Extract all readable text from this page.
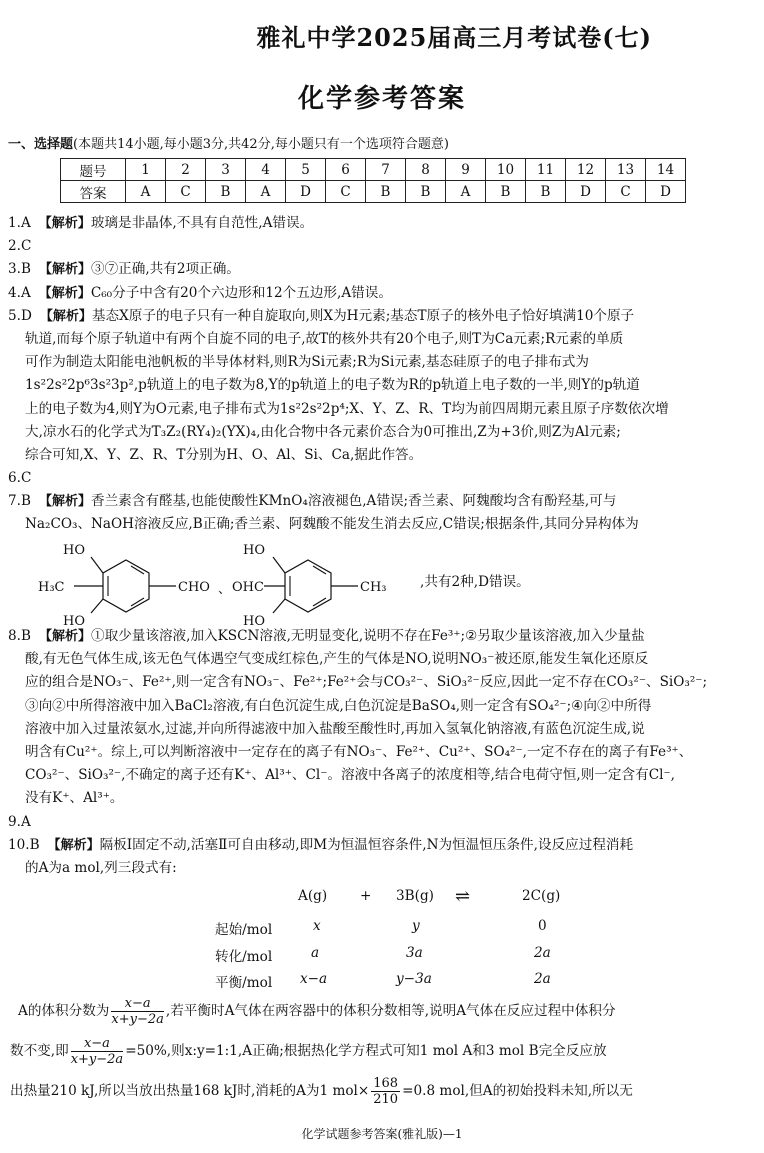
雅礼中学2025届高三月考试卷(七)
化学参考答案
一、选择题(本题共14小题,每小题3分,共42分,每小题只有一个选项符合题意)
题号	1	2	3	4	5	6	7	8	9	10	11	12	13	14
答案	A	C	B	A	D	C	B	B	A	B	B	D	C	D
1.A 【解析】玻璃是非晶体,不具有自范性,A错误。
2.C
3.B 【解析】③⑦正确,共有2项正确。
4.A 【解析】C₆₀分子中含有20个六边形和12个五边形,A错误。
5.D 【解析】基态X原子的电子只有一种自旋取向,则X为H元素;基态T原子的核外电子恰好填满10个原子
轨道,而每个原子轨道中有两个自旋不同的电子,故T的核外共有20个电子,则T为Ca元素;R元素的单质
可作为制造太阳能电池帆板的半导体材料,则R为Si元素;R为Si元素,基态硅原子的电子排布式为
1s²2s²2p⁶3s²3p²,p轨道上的电子数为8,Y的p轨道上的电子数为R的p轨道上电子数的一半,则Y的p轨道
上的电子数为4,则Y为O元素,电子排布式为1s²2s²2p⁴;X、Y、Z、R、T均为前四周期元素且原子序数依次增
大,凉水石的化学式为T₃Z₂(RY₄)₂(YX)₄,由化合物中各元素价态合为0可推出,Z为+3价,则Z为Al元素;
综合可知,X、Y、Z、R、T分别为H、O、Al、Si、Ca,据此作答。
6.C
7.B 【解析】香兰素含有醛基,也能使酸性KMnO₄溶液褪色,A错误;香兰素、阿魏酸均含有酚羟基,可与
Na₂CO₃、NaOH溶液反应,B正确;香兰素、阿魏酸不能发生消去反应,C错误;根据条件,其同分异构体为
HO
H₃C	CHO
HO
、
HO
OHC	CH₃
HO
,共有2种,D错误。
8.B 【解析】①取少量该溶液,加入KSCN溶液,无明显变化,说明不存在Fe³⁺;②另取少量该溶液,加入少量盐
酸,有无色气体生成,该无色气体遇空气变成红棕色,产生的气体是NO,说明NO₃⁻被还原,能发生氧化还原反
应的组合是NO₃⁻、Fe²⁺,则一定含有NO₃⁻、Fe²⁺;Fe²⁺会与CO₃²⁻、SiO₃²⁻反应,因此一定不存在CO₃²⁻、SiO₃²⁻;
③向②中所得溶液中加入BaCl₂溶液,有白色沉淀生成,白色沉淀是BaSO₄,则一定含有SO₄²⁻;④向②中所得
溶液中加入过量浓氨水,过滤,并向所得滤液中加入盐酸至酸性时,再加入氢氧化钠溶液,有蓝色沉淀生成,说
明含有Cu²⁺。综上,可以判断溶液中一定存在的离子有NO₃⁻、Fe²⁺、Cu²⁺、SO₄²⁻,一定不存在的离子有Fe³⁺、
CO₃²⁻、SiO₃²⁻,不确定的离子还有K⁺、Al³⁺、Cl⁻。溶液中各离子的浓度相等,结合电荷守恒,则一定含有Cl⁻,
没有K⁺、Al³⁺。
9.A
10.B 【解析】隔板Ⅰ固定不动,活塞Ⅱ可自由移动,即M为恒温恒容条件,N为恒温恒压条件,设反应过程消耗
的A为a mol,列三段式有:
A(g) + 3B(g) ⇌	2C(g)
起始/mol	x	y	0
转化/mol	a	3a	2a
平衡/mol x−a	y−3a	2a
A的体积分数为 $\frac{x-a}{x+y-2a}$ ,若平衡时A气体在两容器中的体积分数相等,说明A气体在反应过程中体积分
数不变,即 $\frac{x-a}{x+y-2a} =50\%$,则x:y=1:1,A正确;根据热化学方程式可知1 mol A和3 mol B完全反应放
出热量210 kJ,所以当放出热量168 kJ时,消耗的A为1 $mol\times \frac{168}{210} =0.8$ mol,但A的初始投料未知,所以无
化学试题参考答案(雅礼版)—1
